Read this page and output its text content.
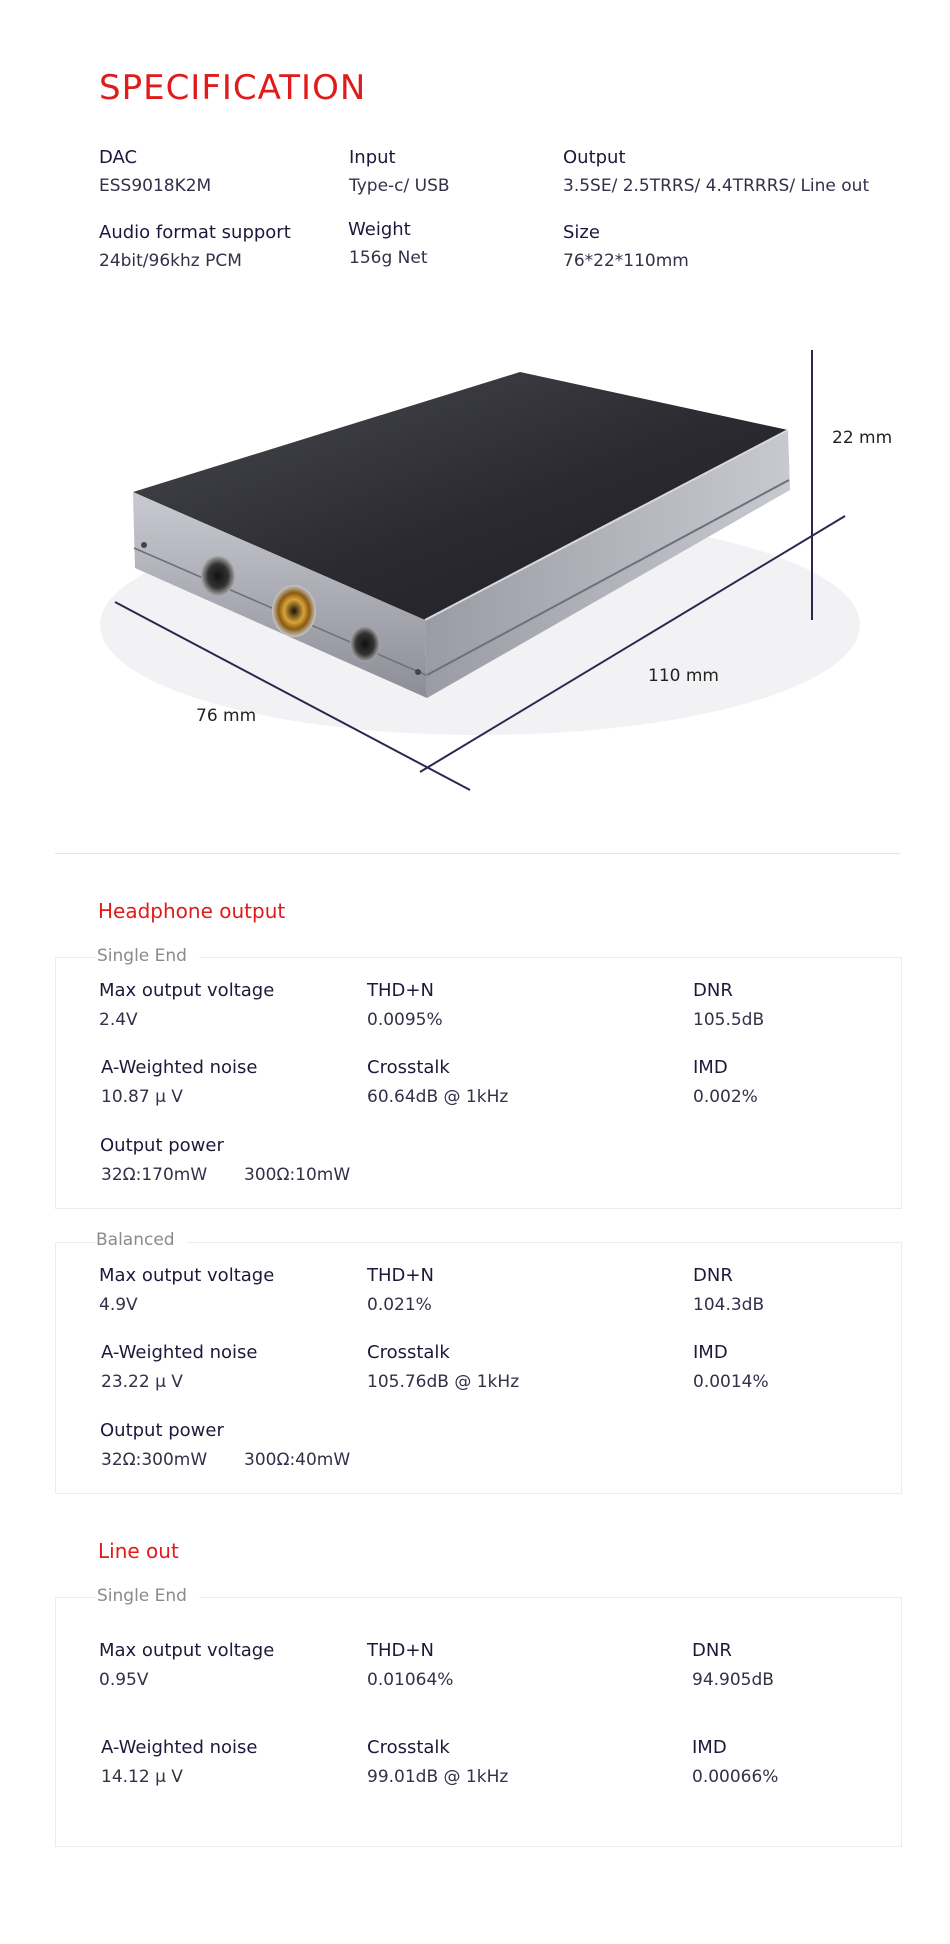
SPECIFICATION
DAC
ESS9018K2M
Input
Type-c/ USB
Output
3.5SE/ 2.5TRRS/ 4.4TRRRS/ Line out
Audio format support
24bit/96khz PCM
Weight
156g Net
Size
76*22*110mm
22 mm
110 mm
76 mm
Headphone output
Single End
Max output voltage
2.4V
THD+N
0.0095%
DNR
105.5dB
A-Weighted noise
10.87 μ V
Crosstalk
60.64dB @ 1kHz
IMD
0.002%
Output power
32Ω:170mW 300Ω:10mW
Balanced
Max output voltage
4.9V
THD+N
0.021%
DNR
104.3dB
A-Weighted noise
23.22 μ V
Crosstalk
105.76dB @ 1kHz
IMD
0.0014%
Output power
32Ω:300mW 300Ω:40mW
Line out
Single End
Max output voltage
0.95V
THD+N
0.01064%
DNR
94.905dB
A-Weighted noise
14.12 μ V
Crosstalk
99.01dB @ 1kHz
IMD
0.00066%
